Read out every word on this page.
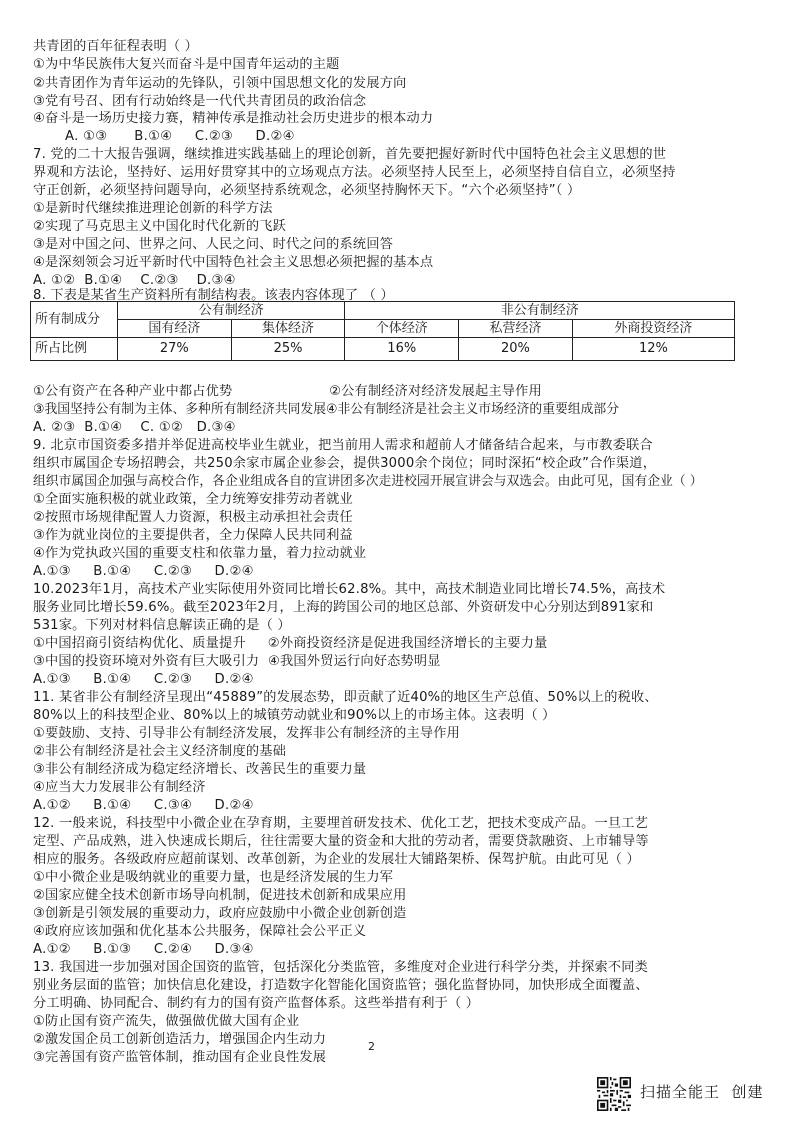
共青团的百年征程表明（ ）
①为中华民族伟大复兴而奋斗是中国青年运动的主题
②共青团作为青年运动的先锋队，引领中国思想文化的发展方向
③党有号召、团有行动始终是一代代共青团员的政治信念
④奋斗是一场历史接力赛，精神传承是推动社会历史进步的根本动力
A. ①③      B.①④     C.②③     D.②④
7. 党的二十大报告强调，继续推进实践基础上的理论创新，首先要把握好新时代中国特色社会主义思想的世
界观和方法论，坚持好、运用好贯穿其中的立场观点方法。必须坚持人民至上，必须坚持自信自立，必须坚持
守正创新，必须坚持问题导向，必须坚持系统观念，必须坚持胸怀天下。“六个必须坚持”（ ）
①是新时代继续推进理论创新的科学方法
②实现了马克思主义中国化时代化新的飞跃
③是对中国之问、世界之问、人民之问、时代之问的系统回答
④是深刻领会习近平新时代中国特色社会主义思想必须把握的基本点
A. ①②  B.①④    C.②③    D.③④
8. 下表是某省生产资料所有制结构表。该表内容体现了 （ ）
所有制成分	公有制经济		非公有制经济		
	国有经济	集体经济	个体经济	私营经济	外商投资经济
所占比例	27%	25%	16%	20%	12%
①公有资产在各种产业中都占优势                      ②公有制经济对经济发展起主导作用
③我国坚持公有制为主体、多种所有制经济共同发展④非公有制经济是社会主义市场经济的重要组成部分
A. ②③  B.①④    C. ①②   D.③④
9. 北京市国资委多措并举促进高校毕业生就业，把当前用人需求和超前人才储备结合起来，与市教委联合
组织市属国企专场招聘会，共250余家市属企业参会，提供3000余个岗位；同时深拓“校企政”合作渠道，
组织市属国企加强与高校合作，各企业组成各自的宣讲团多次走进校园开展宣讲会与双选会。由此可见，国有企业（ ）
①全面实施积极的就业政策，全力统筹安排劳动者就业
②按照市场规律配置人力资源，积极主动承担社会责任
③作为就业岗位的主要提供者，全力保障人民共同利益
④作为党执政兴国的重要支柱和依靠力量，着力拉动就业
A.①③     B.①④     C.②③     D.②④
10.2023年1月，高技术产业实际使用外资同比增长62.8%。其中，高技术制造业同比增长74.5%，高技术
服务业同比增长59.6%。截至2023年2月，上海的跨国公司的地区总部、外资研发中心分别达到891家和
531家。下列对材料信息解读正确的是（ ）
①中国招商引资结构优化、质量提升     ②外商投资经济是促进我国经济增长的主要力量
③中国的投资环境对外资有巨大吸引力  ④我国外贸运行向好态势明显
A.①③     B.①④     C.②③     D.②④
11. 某省非公有制经济呈现出“45889”的发展态势，即贡献了近40%的地区生产总值、50%以上的税收、
80%以上的科技型企业、80%以上的城镇劳动就业和90%以上的市场主体。这表明（ ）
①要鼓励、支持、引导非公有制经济发展，发挥非公有制经济的主导作用
②非公有制经济是社会主义经济制度的基础
③非公有制经济成为稳定经济增长、改善民生的重要力量
④应当大力发展非公有制经济
A.①②     B.①④     C.③④     D.②④
12. 一般来说，科技型中小微企业在孕育期，主要埋首研发技术、优化工艺，把技术变成产品。一旦工艺
定型、产品成熟，进入快速成长期后，往往需要大量的资金和大批的劳动者，需要贷款融资、上市辅导等
相应的服务。各级政府应超前谋划、改革创新，为企业的发展壮大铺路架桥、保驾护航。由此可见（ ）
①中小微企业是吸纳就业的重要力量，也是经济发展的生力军
②国家应健全技术创新市场导向机制，促进技术创新和成果应用
③创新是引领发展的重要动力，政府应鼓励中小微企业创新创造
④政府应该加强和优化基本公共服务，保障社会公平正义
A.①②     B.①③     C.②④     D.③④
13. 我国进一步加强对国企国资的监管，包括深化分类监管，多维度对企业进行科学分类，并探索不同类
别业务层面的监管；加快信息化建设，打造数字化智能化国资监管；强化监督协同，加快形成全面覆盖、
分工明确、协同配合、制约有力的国有资产监督体系。这些举措有利于（ ）
①防止国有资产流失，做强做优做大国有企业
②激发国企员工创新创造活力，增强国企内生动力
③完善国有资产监管体制，推动国有企业良性发展
2
扫描全能王  创建
